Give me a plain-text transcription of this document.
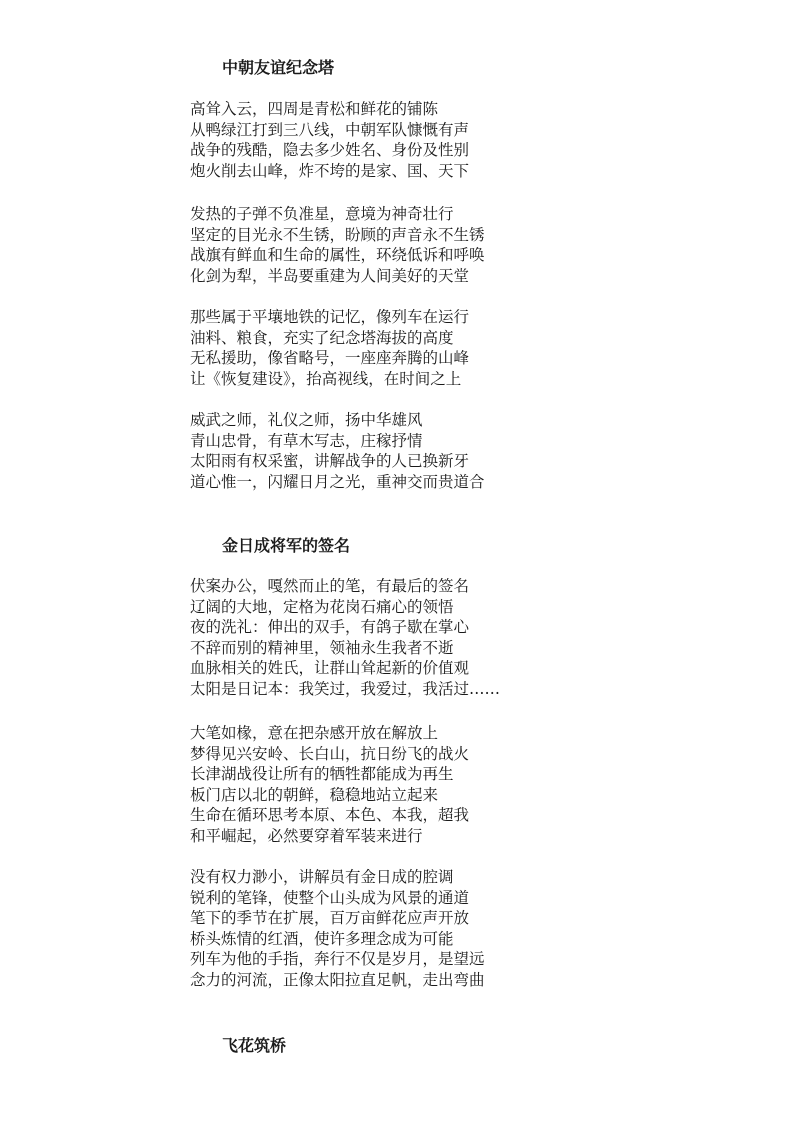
中朝友谊纪念塔
高耸入云，四周是青松和鲜花的铺陈
从鸭绿江打到三八线，中朝军队慷慨有声
战争的残酷，隐去多少姓名、身份及性别
炮火削去山峰，炸不垮的是家、国、天下
发热的子弹不负准星，意境为神奇壮行
坚定的目光永不生锈，盼顾的声音永不生锈
战旗有鲜血和生命的属性，环绕低诉和呼唤
化剑为犁，半岛要重建为人间美好的天堂
那些属于平壤地铁的记忆，像列车在运行
油料、粮食，充实了纪念塔海拔的高度
无私援助，像省略号，一座座奔腾的山峰
让《恢复建设》，抬高视线，在时间之上
威武之师，礼仪之师，扬中华雄风
青山忠骨，有草木写志，庄稼抒情
太阳雨有权采蜜，讲解战争的人已换新牙
道心惟一，闪耀日月之光，重神交而贵道合
金日成将军的签名
伏案办公，嘎然而止的笔，有最后的签名
辽阔的大地，定格为花岗石痛心的领悟
夜的洗礼：伸出的双手，有鸽子歇在掌心
不辞而别的精神里，领袖永生我者不逝
血脉相关的姓氏，让群山耸起新的价值观
太阳是日记本：我笑过，我爱过，我活过……
大笔如椽，意在把杂感开放在解放上
梦得见兴安岭、长白山，抗日纷飞的战火
长津湖战役让所有的牺牲都能成为再生
板门店以北的朝鲜，稳稳地站立起来
生命在循环思考本原、本色、本我，超我
和平崛起，必然要穿着军装来进行
没有权力渺小，讲解员有金日成的腔调
锐利的笔锋，使整个山头成为风景的通道
笔下的季节在扩展，百万亩鲜花应声开放
桥头炼情的红酒，使许多理念成为可能
列车为他的手指，奔行不仅是岁月，是望远
念力的河流，正像太阳拉直足帆，走出弯曲
飞花筑桥
